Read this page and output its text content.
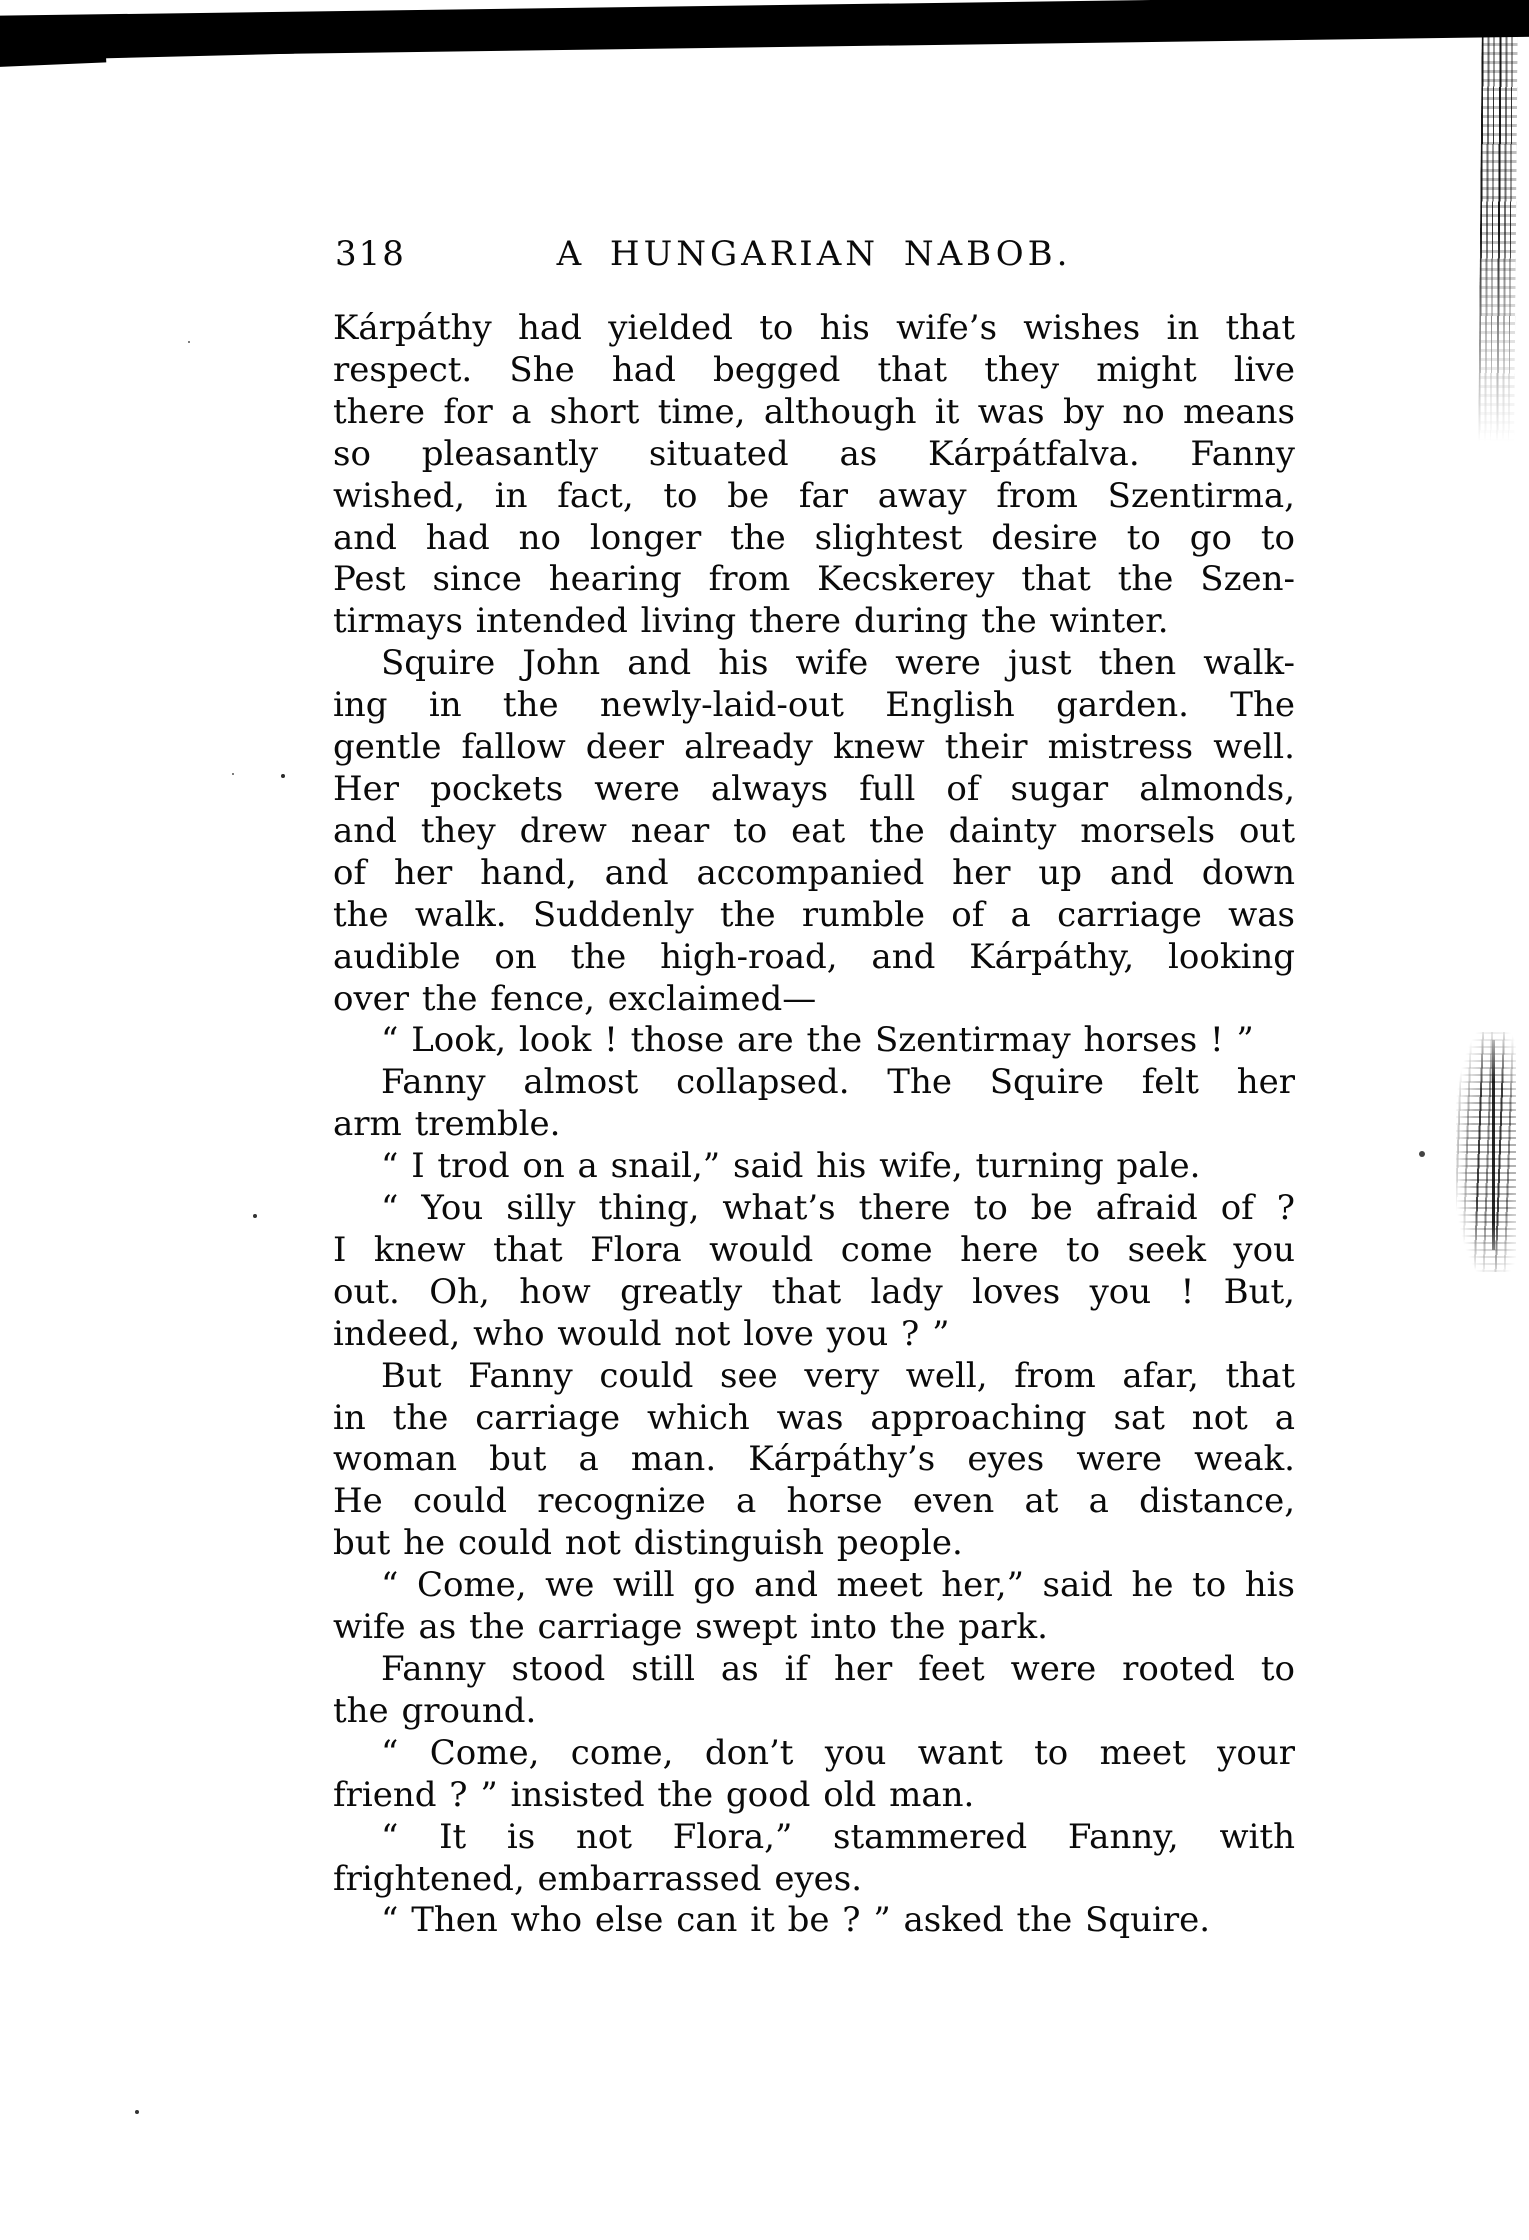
318	A HUNGARIAN NABOB.
Kárpáthy had yielded to his wife’s wishes in that
respect. She had begged that they might live
there for a short time, although it was by no means
so pleasantly situated as Kárpátfalva. Fanny
wished, in fact, to be far away from Szentirma,
and had no longer the slightest desire to go to
Pest since hearing from Kecskerey that the Szen-
tirmays intended living there during the winter.
Squire John and his wife were just then walk-
ing in the newly-laid-out English garden. The
gentle fallow deer already knew their mistress well.
Her pockets were always full of sugar almonds,
and they drew near to eat the dainty morsels out
of her hand, and accompanied her up and down
the walk. Suddenly the rumble of a carriage was
audible on the high-road, and Kárpáthy, looking
over the fence, exclaimed—
“ Look, look ! those are the Szentirmay horses ! ”
Fanny almost collapsed. The Squire felt her
arm tremble.
“ I trod on a snail,” said his wife, turning pale.
“ You silly thing, what’s there to be afraid of ?
I knew that Flora would come here to seek you
out. Oh, how greatly that lady loves you ! But,
indeed, who would not love you ? ”
But Fanny could see very well, from afar, that
in the carriage which was approaching sat not a
woman but a man. Kárpáthy’s eyes were weak.
He could recognize a horse even at a distance,
but he could not distinguish people.
“ Come, we will go and meet her,” said he to his
wife as the carriage swept into the park.
Fanny stood still as if her feet were rooted to
the ground.
“ Come, come, don’t you want to meet your
friend ? ” insisted the good old man.
“ It is not Flora,” stammered Fanny, with
frightened, embarrassed eyes.
“ Then who else can it be ? ” asked the Squire.
